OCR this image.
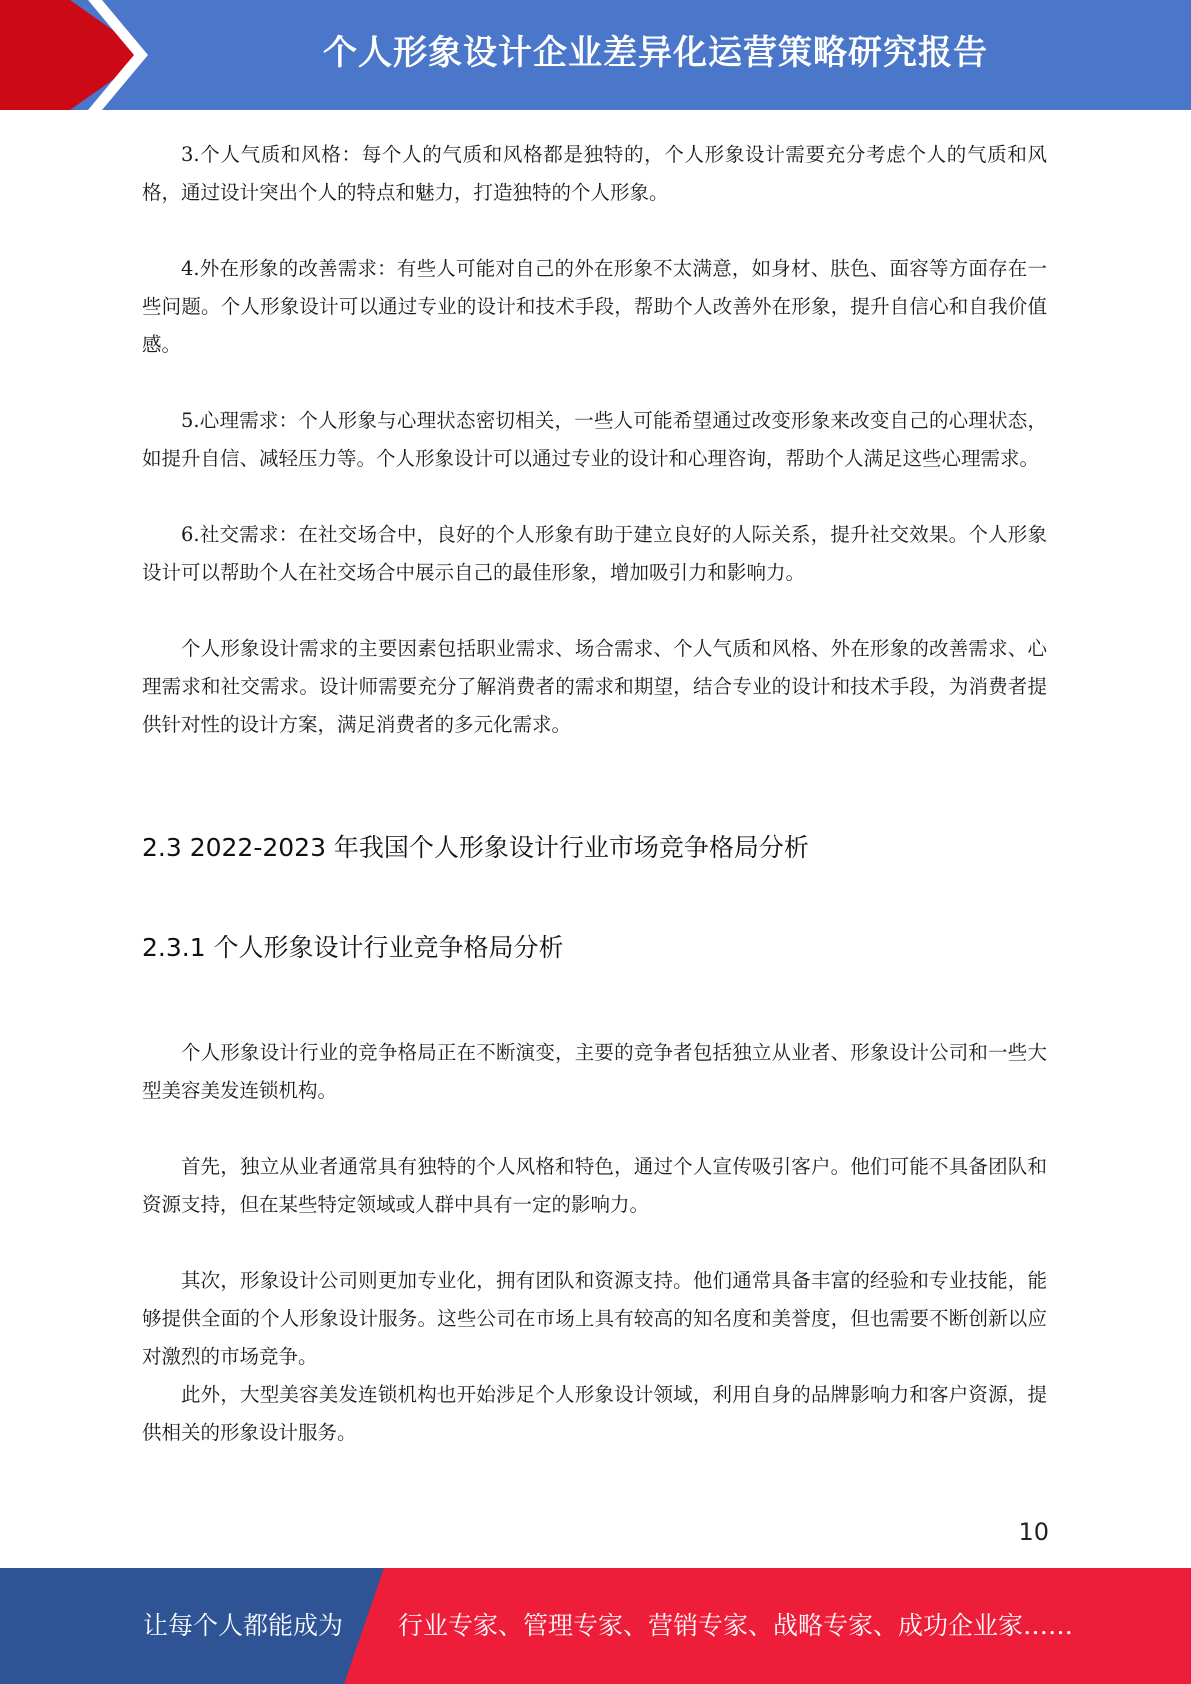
个人形象设计企业差异化运营策略研究报告

3.个人气质和风格：每个人的气质和风格都是独特的，个人形象设计需要充分考虑个人的气质和风格，通过设计突出个人的特点和魅力，打造独特的个人形象。

4.外在形象的改善需求：有些人可能对自己的外在形象不太满意，如身材、肤色、面容等方面存在一些问题。个人形象设计可以通过专业的设计和技术手段，帮助个人改善外在形象，提升自信心和自我价值感。

5.心理需求：个人形象与心理状态密切相关，一些人可能希望通过改变形象来改变自己的心理状态，如提升自信、减轻压力等。个人形象设计可以通过专业的设计和心理咨询，帮助个人满足这些心理需求。

6.社交需求：在社交场合中，良好的个人形象有助于建立良好的人际关系，提升社交效果。个人形象设计可以帮助个人在社交场合中展示自己的最佳形象，增加吸引力和影响力。

个人形象设计需求的主要因素包括职业需求、场合需求、个人气质和风格、外在形象的改善需求、心理需求和社交需求。设计师需要充分了解消费者的需求和期望，结合专业的设计和技术手段，为消费者提供针对性的设计方案，满足消费者的多元化需求。

2.3 2022-2023 年我国个人形象设计行业市场竞争格局分析
2.3.1 个人形象设计行业竞争格局分析

个人形象设计行业的竞争格局正在不断演变，主要的竞争者包括独立从业者、形象设计公司和一些大型美容美发连锁机构。

首先，独立从业者通常具有独特的个人风格和特色，通过个人宣传吸引客户。他们可能不具备团队和资源支持，但在某些特定领域或人群中具有一定的影响力。

其次，形象设计公司则更加专业化，拥有团队和资源支持。他们通常具备丰富的经验和专业技能，能够提供全面的个人形象设计服务。这些公司在市场上具有较高的知名度和美誉度，但也需要不断创新以应对激烈的市场竞争。

此外，大型美容美发连锁机构也开始涉足个人形象设计领域，利用自身的品牌影响力和客户资源，提供相关的形象设计服务。

10
让每个人都能成为 行业专家、管理专家、营销专家、战略专家、成功企业家……
